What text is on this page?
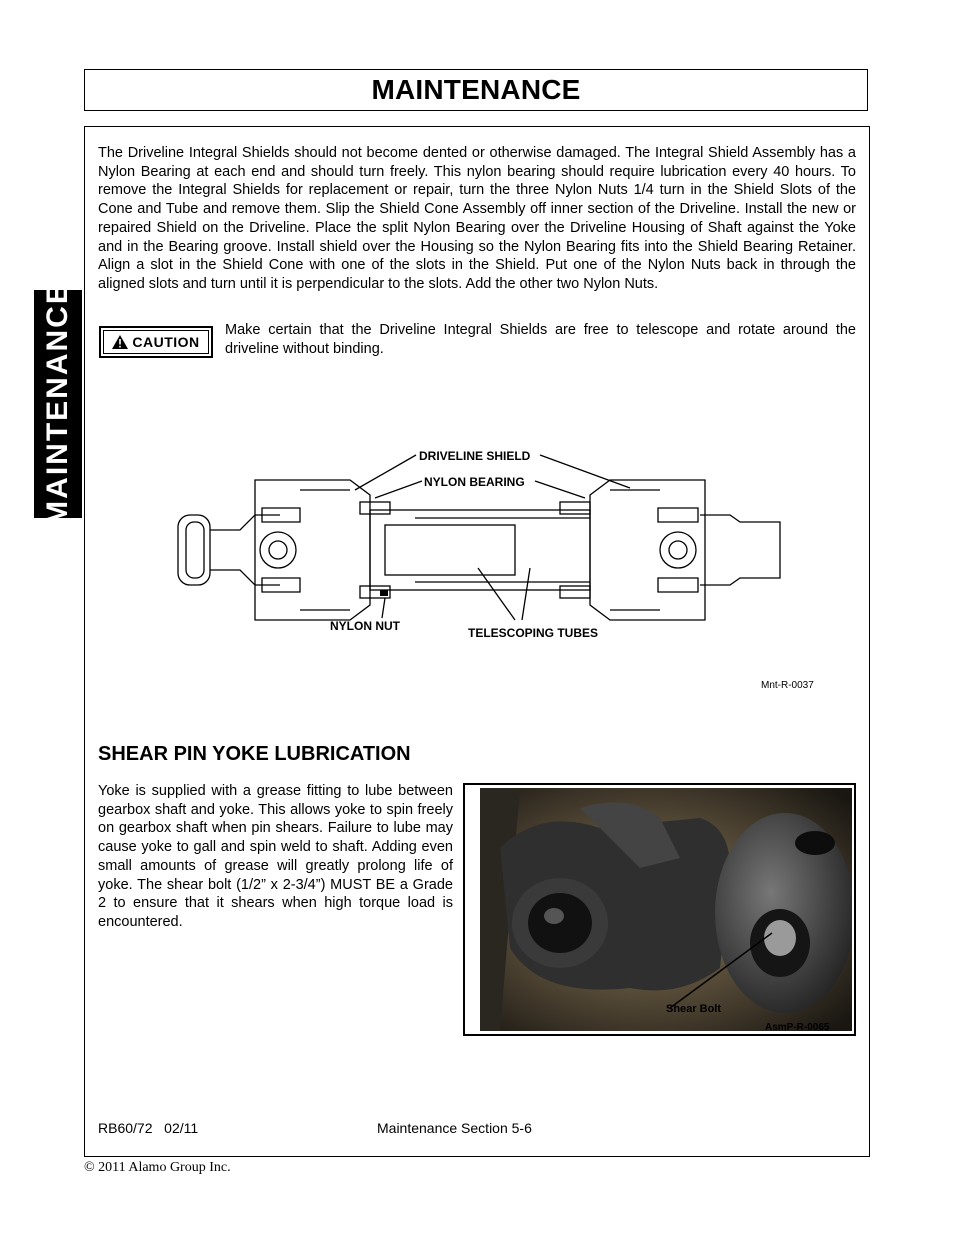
MAINTENANCE
MAINTENANCE
The Driveline Integral Shields should not become dented or otherwise damaged. The Integral Shield Assembly has a Nylon Bearing at each end and should turn freely. This nylon bearing should require lubrication every 40 hours. To remove the Integral Shields for replacement or repair, turn the three Nylon Nuts 1/4 turn in the Shield Slots of the Cone and Tube and remove them. Slip the Shield Cone Assembly off inner section of the Driveline. Install the new or repaired Shield on the Driveline. Place the split Nylon Bearing over the Driveline Housing of Shaft against the Yoke and in the Bearing groove. Install shield over the Housing so the Nylon Bearing fits into the Shield Bearing Retainer. Align a slot in the Shield Cone with one of the slots in the Shield. Put one of the Nylon Nuts back in through the aligned slots and turn until it is perpendicular to the slots. Add the other two Nylon Nuts.
CAUTION
Make certain that the Driveline Integral Shields are free to telescope and rotate around the driveline without binding.
DRIVELINE SHIELD
NYLON BEARING
NYLON NUT	TELESCOPING TUBES
Mnt-R-0037
SHEAR PIN YOKE LUBRICATION
Yoke is supplied with a grease fitting to lube between gearbox shaft and yoke. This allows yoke to spin freely on gearbox shaft when pin shears. Failure to lube may cause yoke to gall and spin weld to shaft. Adding even small amounts of grease will greatly prolong life of yoke. The shear bolt (1/2” x 2-3/4”) MUST BE a Grade 2 to ensure that it shears when high torque load is encountered.
Shear Bolt
AsmP-R-0065
RB60/72   02/11	Maintenance Section 5-6
© 2011 Alamo Group Inc.
